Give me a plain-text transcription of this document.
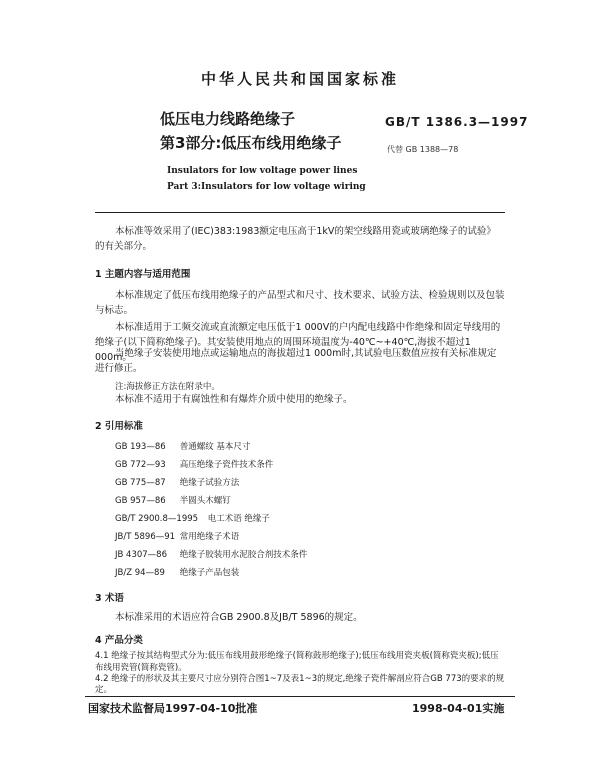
中华人民共和国国家标准
低压电力线路绝缘子
第3部分:低压布线用绝缘子
GB/T 1386.3—1997
代替 GB 1388—78
Insulators for low voltage power lines
Part 3:Insulators for low voltage wiring
本标准等效采用了(IEC)383:1983额定电压高于1kV的架空线路用瓷或玻璃绝缘子的试验》的有关部分。
1 主题内容与适用范围
本标准规定了低压布线用绝缘子的产品型式和尺寸、技术要求、试验方法、检验规则以及包装与标志。
本标准适用于工频交流或直流额定电压低于1 000V的户内配电线路中作绝缘和固定导线用的绝缘子(以下简称绝缘子)。其安装使用地点的周围环境温度为-40℃~+40℃,海拔不超过1 000m。
当绝缘子安装使用地点或运输地点的海拔超过1 000m时,其试验电压数值应按有关标准规定进行修正。
注:海拔修正方法在附录中。
本标准不适用于有腐蚀性和有爆炸介质中使用的绝缘子。
2 引用标准
GB 193—86 普通螺纹 基本尺寸
GB 772—93 高压绝缘子瓷件技术条件
GB 775—87 绝缘子试验方法
GB 957—86 半圆头木螺钉
GB/T 2900.8—1995 电工术语 绝缘子
JB/T 5896—91 常用绝缘子术语
JB 4307—86 绝缘子胶装用水泥胶合剂技术条件
JB/Z 94—89 绝缘子产品包装
3 术语
本标准采用的术语应符合GB 2900.8及JB/T 5896的规定。
4 产品分类
4.1 绝缘子按其结构型式分为:低压布线用鼓形绝缘子(简称鼓形绝缘子);低压布线用瓷夹板(简称瓷夹板);低压布线用瓷管(简称瓷管)。
4.2 绝缘子的形状及其主要尺寸应分别符合图1~7及表1~3的规定,绝缘子瓷件解剖应符合GB 773的要求的规定。
国家技术监督局1997-04-10批准	1998-04-01实施
